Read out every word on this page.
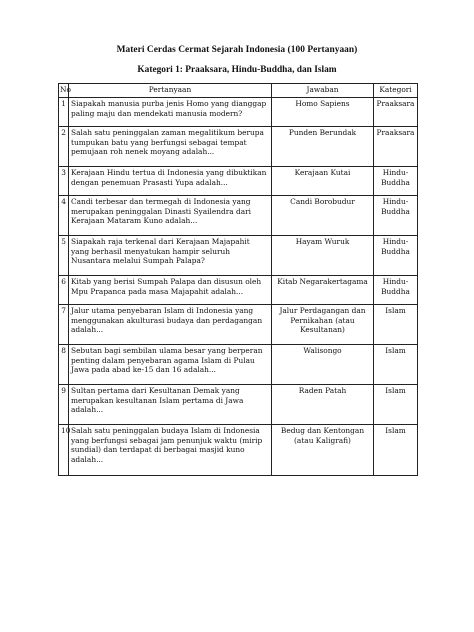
Materi Cerdas Cermat Sejarah Indonesia (100 Pertanyaan)
Kategori 1: Praaksara, Hindu-Buddha, dan Islam
No	Pertanyaan	Jawaban	Kategori
1	Siapakah manusia purba jenis Homo yang dianggap paling maju dan mendekati manusia modern?	Homo Sapiens	Praaksara
2	Salah satu peninggalan zaman megalitikum berupa tumpukan batu yang berfungsi sebagai tempat pemujaan roh nenek moyang adalah...	Punden Berundak	Praaksara
3	Kerajaan Hindu tertua di Indonesia yang dibuktikan dengan penemuan Prasasti Yupa adalah...	Kerajaan Kutai	Hindu-Buddha
4	Candi terbesar dan termegah di Indonesia yang merupakan peninggalan Dinasti Syailendra dari Kerajaan Mataram Kuno adalah...	Candi Borobudur	Hindu-Buddha
5	Siapakah raja terkenal dari Kerajaan Majapahit yang berhasil menyatukan hampir seluruh Nusantara melalui Sumpah Palapa?	Hayam Wuruk	Hindu-Buddha
6	Kitab yang berisi Sumpah Palapa dan disusun oleh Mpu Prapanca pada masa Majapahit adalah...	Kitab Negarakertagama	Hindu-Buddha
7	Jalur utama penyebaran Islam di Indonesia yang menggunakan akulturasi budaya dan perdagangan adalah...	Jalur Perdagangan dan Pernikahan (atau Kesultanan)	Islam
8	Sebutan bagi sembilan ulama besar yang berperan penting dalam penyebaran agama Islam di Pulau Jawa pada abad ke-15 dan 16 adalah...	Walisongo	Islam
9	Sultan pertama dari Kesultanan Demak yang merupakan kesultanan Islam pertama di Jawa adalah...	Raden Patah	Islam
10	Salah satu peninggalan budaya Islam di Indonesia yang berfungsi sebagai jam penunjuk waktu (mirip sundial) dan terdapat di berbagai masjid kuno adalah...	Bedug dan Kentongan (atau Kaligrafi)	Islam
